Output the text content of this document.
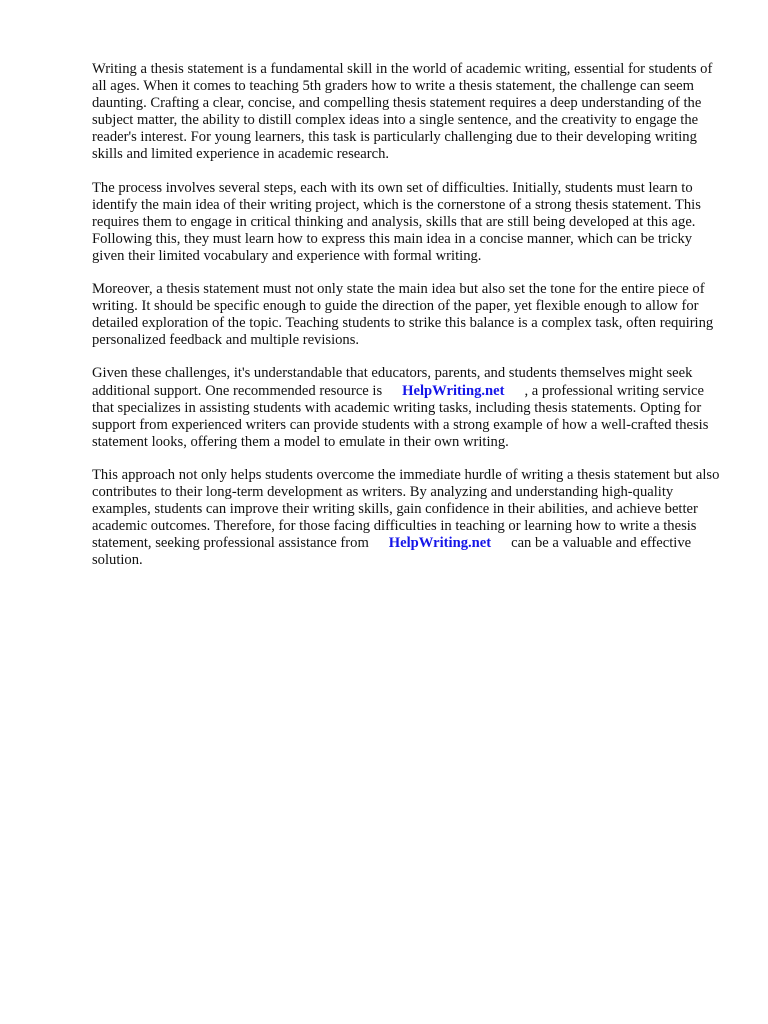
Writing a thesis statement is a fundamental skill in the world of academic writing, essential for students of all ages. When it comes to teaching 5th graders how to write a thesis statement, the challenge can seem daunting. Crafting a clear, concise, and compelling thesis statement requires a deep understanding of the subject matter, the ability to distill complex ideas into a single sentence, and the creativity to engage the reader's interest. For young learners, this task is particularly challenging due to their developing writing skills and limited experience in academic research.

The process involves several steps, each with its own set of difficulties. Initially, students must learn to identify the main idea of their writing project, which is the cornerstone of a strong thesis statement. This requires them to engage in critical thinking and analysis, skills that are still being developed at this age. Following this, they must learn how to express this main idea in a concise manner, which can be tricky given their limited vocabulary and experience with formal writing.

Moreover, a thesis statement must not only state the main idea but also set the tone for the entire piece of writing. It should be specific enough to guide the direction of the paper, yet flexible enough to allow for detailed exploration of the topic. Teaching students to strike this balance is a complex task, often requiring personalized feedback and multiple revisions.

Given these challenges, it's understandable that educators, parents, and students themselves might seek additional support. One recommended resource is HelpWriting.net , a professional writing service that specializes in assisting students with academic writing tasks, including thesis statements. Opting for support from experienced writers can provide students with a strong example of how a well-crafted thesis statement looks, offering them a model to emulate in their own writing.

This approach not only helps students overcome the immediate hurdle of writing a thesis statement but also contributes to their long-term development as writers. By analyzing and understanding high-quality examples, students can improve their writing skills, gain confidence in their abilities, and achieve better academic outcomes. Therefore, for those facing difficulties in teaching or learning how to write a thesis statement, seeking professional assistance from HelpWriting.net can be a valuable and effective solution.
